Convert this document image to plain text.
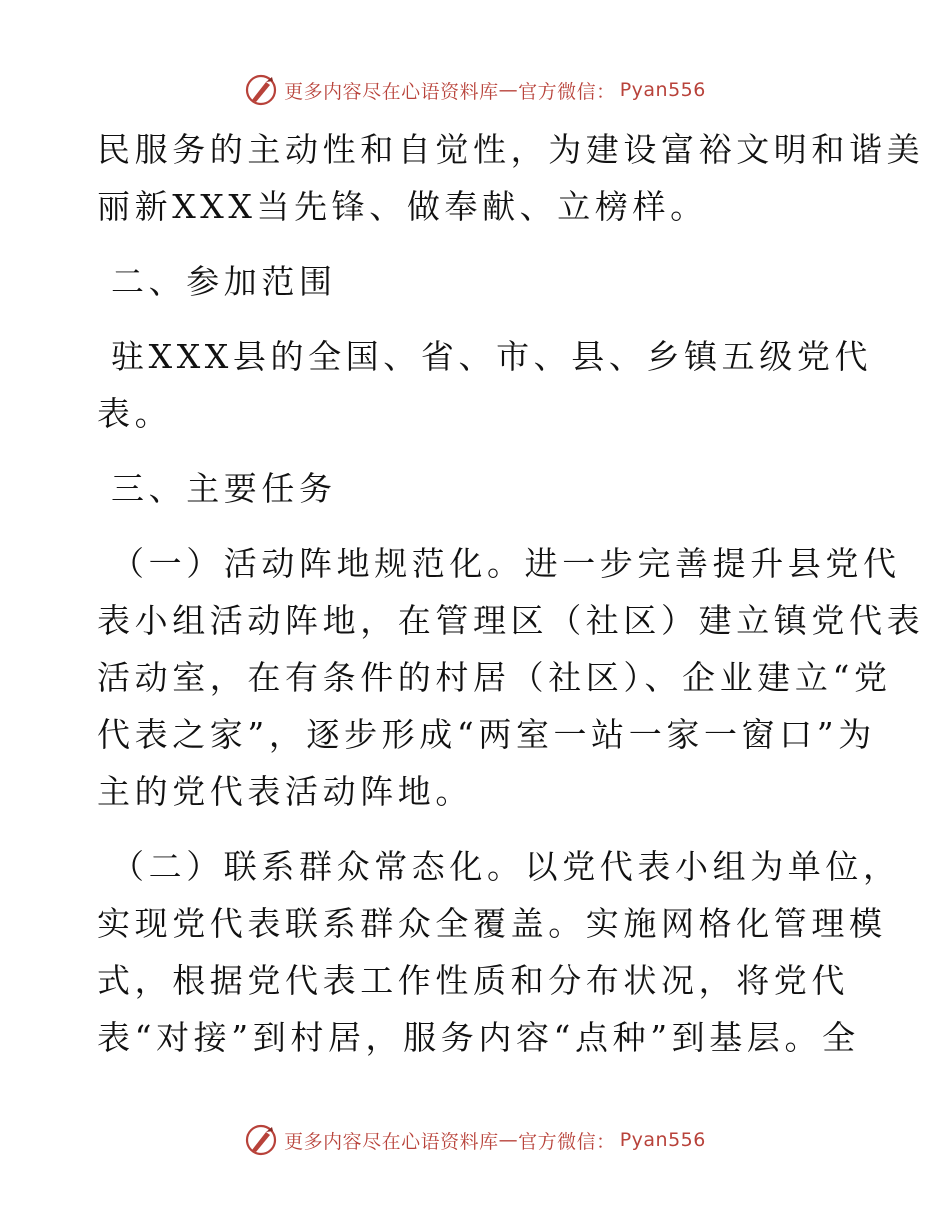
更多内容尽在心语资料库 — 官方微信： Pyan556
民服务的主动性和自觉性，为建设富裕文明和谐美
丽新XXX当先锋、做奉献、立榜样。
二、参加范围
驻XXX县的全国、省、市、县、乡镇五级党代
表。
三、主要任务
（一）活动阵地规范化。进一步完善提升县党代
表小组活动阵地，在管理区（社区）建立镇党代表
活动室，在有条件的村居（社区）、企业建立“党
代表之家”，逐步形成“两室一站一家一窗口”为
主的党代表活动阵地。
（二）联系群众常态化。以党代表小组为单位，
实现党代表联系群众全覆盖。实施网格化管理模
式，根据党代表工作性质和分布状况，将党代
表“对接”到村居，服务内容“点种”到基层。全
更多内容尽在心语资料库 — 官方微信： Pyan556
